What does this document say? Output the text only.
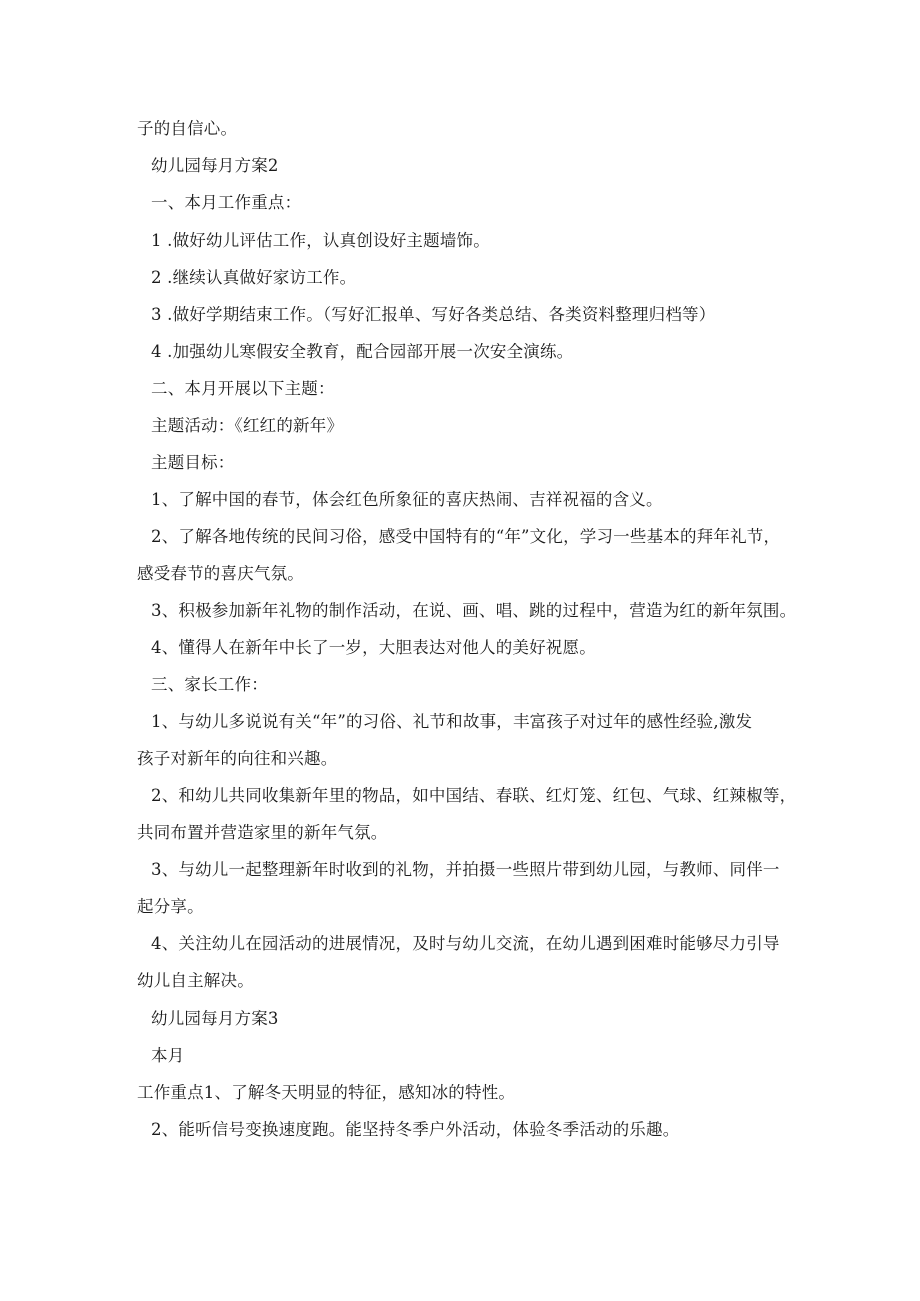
子的自信心。
幼儿园每月方案2
一、本月工作重点：
1 .做好幼儿评估工作，认真创设好主题墙饰。
2 .继续认真做好家访工作。
3 .做好学期结束工作。（写好汇报单、写好各类总结、各类资料整理归档等）
4 .加强幼儿寒假安全教育，配合园部开展一次安全演练。
二、本月开展以下主题：
主题活动：《红红的新年》
主题目标：
1、了解中国的春节，体会红色所象征的喜庆热闹、吉祥祝福的含义。
2、了解各地传统的民间习俗，感受中国特有的“年”文化，学习一些基本的拜年礼节，
感受春节的喜庆气氛。
3、积极参加新年礼物的制作活动，在说、画、唱、跳的过程中，营造为红的新年氛围。
4、懂得人在新年中长了一岁，大胆表达对他人的美好祝愿。
三、家长工作：
1、与幼儿多说说有关“年”的习俗、礼节和故事，丰富孩子对过年的感性经验,激发
孩子对新年的向往和兴趣。
2、和幼儿共同收集新年里的物品，如中国结、春联、红灯笼、红包、气球、红辣椒等，
共同布置并营造家里的新年气氛。
3、与幼儿一起整理新年时收到的礼物，并拍摄一些照片带到幼儿园，与教师、同伴一
起分享。
4、关注幼儿在园活动的进展情况，及时与幼儿交流，在幼儿遇到困难时能够尽力引导
幼儿自主解决。
幼儿园每月方案3
本月
工作重点1、了解冬天明显的特征，感知冰的特性。
2、能听信号变换速度跑。能坚持冬季户外活动，体验冬季活动的乐趣。
